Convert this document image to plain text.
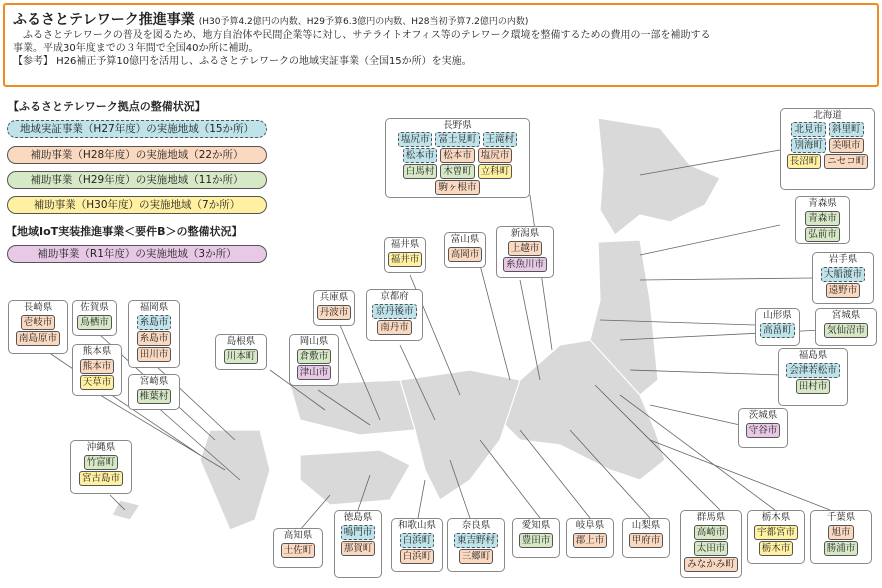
ふるさとテレワーク推進事業 (H30予算4.2億円の内数、H29予算6.3億円の内数、H28当初予算7.2億円の内数)

　ふるさとテレワークの普及を図るため、地方自治体や民間企業等に対し、サテライトオフィス等のテレワーク環境を整備するための費用の一部を補助する

事業。平成30年度までの３年間で全国40か所に補助。

【参考】 H26補正予算10億円を活用し、ふるさとテレワークの地域実証事業（全国15か所）を実施。

【ふるさとテレワーク拠点の整備状況】
地域実証事業（H27年度）の実施地域（15か所）
補助事業（H28年度）の実施地域（22か所）
補助事業（H29年度）の実施地域（11か所）
補助事業（H30年度）の実施地域（7か所）
【地域IoT実装推進事業＜要件B＞の整備状況】
補助事業（R1年度）の実施地域（3か所）
長野県
塩尻市 富士見町 王滝村
松本市 松本市 塩尻市
白馬村 木曽町 立科町
駒ヶ根市
北海道
北見市 斜里町
別海町 美唄市
長沼町 ニセコ町
青森県
青森市
弘前市
岩手県
大船渡市
遠野市
山形県
高畠町
宮城県
気仙沼市
福島県
会津若松市
田村市
茨城県
守谷市
新潟県
上越市
糸魚川市
富山県
高岡市
福井県
福井市
京都府
京丹後市
南丹市
兵庫県
丹波市
岡山県
倉敷市
津山市
島根県
川本町
長崎県
壱岐市
南島原市
佐賀県
鳥栖市
福岡県
糸島市
糸島市
田川市
熊本県
熊本市
天草市	宮崎県
椎葉村
沖縄県
竹富町
宮古島市
高知県
土佐町
徳島県
鳴門市
那賀町
和歌山県
白浜町
白浜町
奈良県
東吉野村
三郷町
愛知県
豊田市
岐阜県
郡上市
山梨県
甲府市
群馬県
高崎市
太田市
みなかみ町
栃木県
宇都宮市
栃木市
千葉県
旭市
勝浦市
